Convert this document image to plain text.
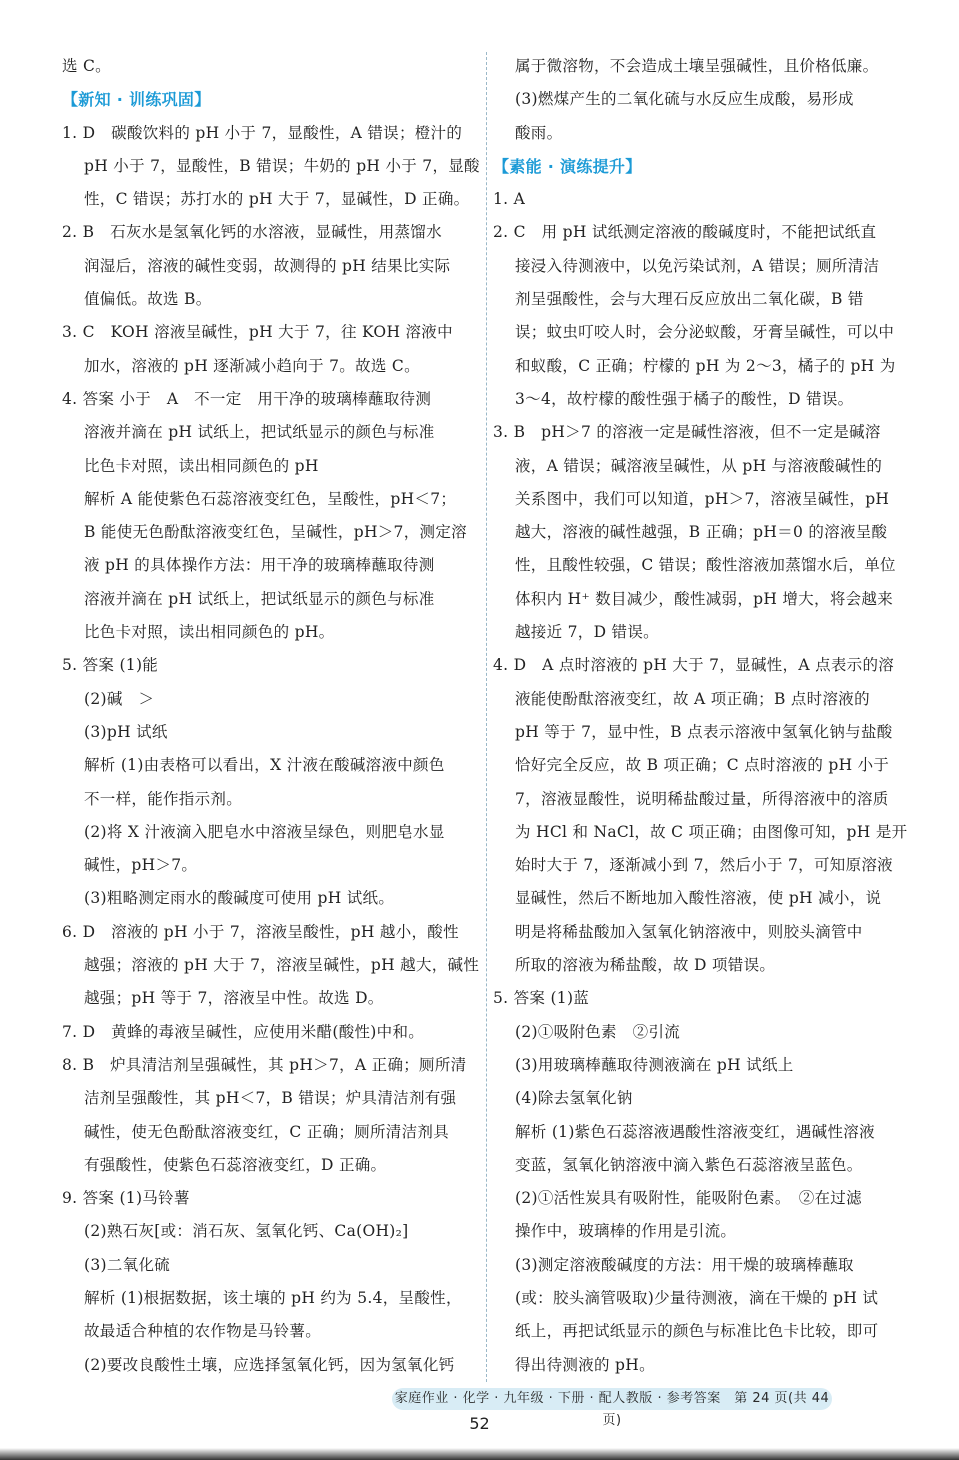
选 C。
【新知 · 训练巩固】
1. D　碳酸饮料的 pH 小于 7，显酸性，A 错误；橙汁的
pH 小于 7，显酸性，B 错误；牛奶的 pH 小于 7，显酸
性，C 错误；苏打水的 pH 大于 7，显碱性，D 正确。
2. B　石灰水是氢氧化钙的水溶液，显碱性，用蒸馏水
润湿后，溶液的碱性变弱，故测得的 pH 结果比实际
值偏低。故选 B。
3. C　KOH 溶液呈碱性，pH 大于 7，往 KOH 溶液中
加水，溶液的 pH 逐渐减小趋向于 7。故选 C。
4. 答案 小于　A　不一定　用干净的玻璃棒蘸取待测
溶液并滴在 pH 试纸上，把试纸显示的颜色与标准
比色卡对照，读出相同颜色的 pH
解析 A 能使紫色石蕊溶液变红色，呈酸性，pH＜7；
B 能使无色酚酞溶液变红色，呈碱性，pH＞7，测定溶
液 pH 的具体操作方法：用干净的玻璃棒蘸取待测
溶液并滴在 pH 试纸上，把试纸显示的颜色与标准
比色卡对照，读出相同颜色的 pH。
5. 答案 (1)能
(2)碱　＞
(3)pH 试纸
解析 (1)由表格可以看出，X 汁液在酸碱溶液中颜色
不一样，能作指示剂。
(2)将 X 汁液滴入肥皂水中溶液呈绿色，则肥皂水显
碱性，pH＞7。
(3)粗略测定雨水的酸碱度可使用 pH 试纸。
6. D　溶液的 pH 小于 7，溶液呈酸性，pH 越小，酸性
越强；溶液的 pH 大于 7，溶液呈碱性，pH 越大，碱性
越强；pH 等于 7，溶液呈中性。故选 D。
7. D　黄蜂的毒液呈碱性，应使用米醋(酸性)中和。
8. B　炉具清洁剂呈强碱性，其 pH＞7，A 正确；厕所清
洁剂呈强酸性，其 pH＜7，B 错误；炉具清洁剂有强
碱性，使无色酚酞溶液变红，C 正确；厕所清洁剂具
有强酸性，使紫色石蕊溶液变红，D 正确。
9. 答案 (1)马铃薯
(2)熟石灰[或：消石灰、氢氧化钙、Ca(OH)₂]
(3)二氧化硫
解析 (1)根据数据，该土壤的 pH 约为 5.4，呈酸性，
故最适合种植的农作物是马铃薯。
(2)要改良酸性土壤，应选择氢氧化钙，因为氢氧化钙
属于微溶物，不会造成土壤呈强碱性，且价格低廉。
(3)燃煤产生的二氧化硫与水反应生成酸，易形成
酸雨。
【素能 · 演练提升】
1. A
2. C　用 pH 试纸测定溶液的酸碱度时，不能把试纸直
接浸入待测液中，以免污染试剂，A 错误；厕所清洁
剂呈强酸性，会与大理石反应放出二氧化碳，B 错
误；蚊虫叮咬人时，会分泌蚁酸，牙膏呈碱性，可以中
和蚁酸，C 正确；柠檬的 pH 为 2～3，橘子的 pH 为
3～4，故柠檬的酸性强于橘子的酸性，D 错误。
3. B　pH＞7 的溶液一定是碱性溶液，但不一定是碱溶
液，A 错误；碱溶液呈碱性，从 pH 与溶液酸碱性的
关系图中，我们可以知道，pH＞7，溶液呈碱性，pH
越大，溶液的碱性越强，B 正确；pH＝0 的溶液呈酸
性，且酸性较强，C 错误；酸性溶液加蒸馏水后，单位
体积内 H⁺ 数目减少，酸性减弱，pH 增大，将会越来
越接近 7，D 错误。
4. D　A 点时溶液的 pH 大于 7，显碱性，A 点表示的溶
液能使酚酞溶液变红，故 A 项正确；B 点时溶液的
pH 等于 7，显中性，B 点表示溶液中氢氧化钠与盐酸
恰好完全反应，故 B 项正确；C 点时溶液的 pH 小于
7，溶液显酸性，说明稀盐酸过量，所得溶液中的溶质
为 HCl 和 NaCl，故 C 项正确；由图像可知，pH 是开
始时大于 7，逐渐减小到 7，然后小于 7，可知原溶液
显碱性，然后不断地加入酸性溶液，使 pH 减小，说
明是将稀盐酸加入氢氧化钠溶液中，则胶头滴管中
所取的溶液为稀盐酸，故 D 项错误。
5. 答案 (1)蓝
(2)①吸附色素　②引流
(3)用玻璃棒蘸取待测液滴在 pH 试纸上
(4)除去氢氧化钠
解析 (1)紫色石蕊溶液遇酸性溶液变红，遇碱性溶液
变蓝，氢氧化钠溶液中滴入紫色石蕊溶液呈蓝色。
(2)①活性炭具有吸附性，能吸附色素。　②在过滤
操作中，玻璃棒的作用是引流。
(3)测定溶液酸碱度的方法：用干燥的玻璃棒蘸取
(或：胶头滴管吸取)少量待测液，滴在干燥的 pH 试
纸上，再把试纸显示的颜色与标准比色卡比较，即可
得出待测液的 pH。
家庭作业 · 化学 · 九年级 · 下册 · 配人教版 · 参考答案　第 24 页(共 44 页)
52
